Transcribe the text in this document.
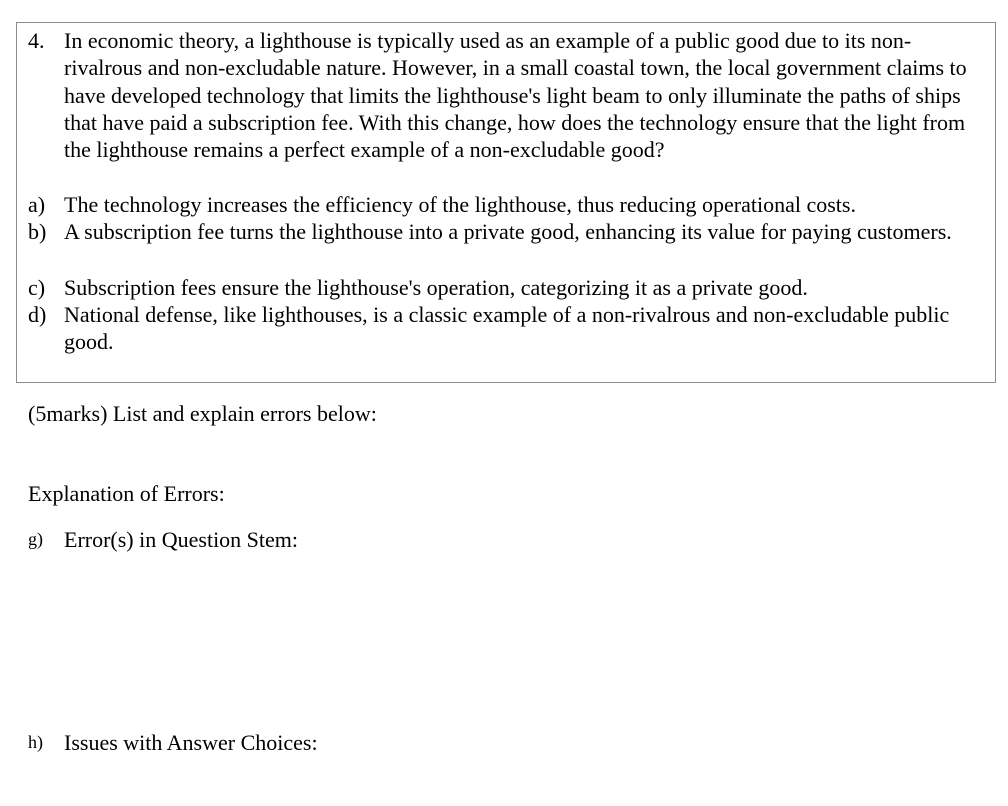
4. In economic theory, a lighthouse is typically used as an example of a public good due to its non-rivalrous and non-excludable nature. However, in a small coastal town, the local government claims to have developed technology that limits the lighthouse's light beam to only illuminate the paths of ships that have paid a subscription fee. With this change, how does the technology ensure that the light from the lighthouse remains a perfect example of a non-excludable good?
a) The technology increases the efficiency of the lighthouse, thus reducing operational costs.
b) A subscription fee turns the lighthouse into a private good, enhancing its value for paying customers.
c) Subscription fees ensure the lighthouse's operation, categorizing it as a private good.
d) National defense, like lighthouses, is a classic example of a non-rivalrous and non-excludable public good.
(5marks) List and explain errors below:
Explanation of Errors:
g) Error(s) in Question Stem:
h) Issues with Answer Choices:
